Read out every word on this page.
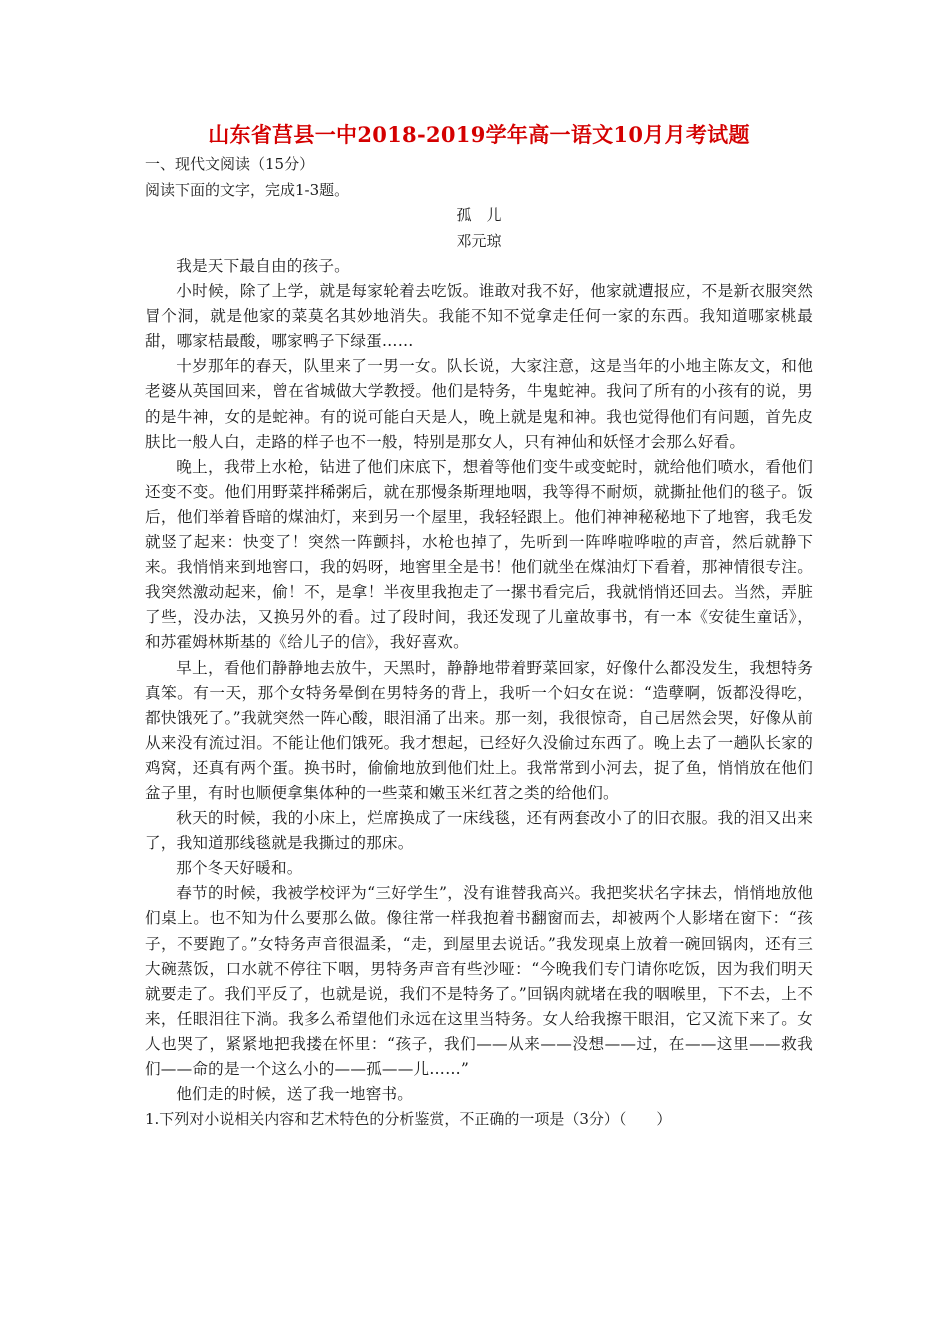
山东省莒县一中2018-2019学年高一语文10月月考试题

一、现代文阅读（15分）

阅读下面的文字，完成1-3题。

孤　儿

邓元琼

我是天下最自由的孩子。

小时候，除了上学，就是每家轮着去吃饭。谁敢对我不好，他家就遭报应，不是新衣服突然冒个洞，就是他家的菜莫名其妙地消失。我能不知不觉拿走任何一家的东西。我知道哪家桃最甜，哪家桔最酸，哪家鸭子下绿蛋……

十岁那年的春天，队里来了一男一女。队长说，大家注意，这是当年的小地主陈友文，和他老婆从英国回来，曾在省城做大学教授。他们是特务，牛鬼蛇神。我问了所有的小孩有的说，男的是牛神，女的是蛇神。有的说可能白天是人，晚上就是鬼和神。我也觉得他们有问题，首先皮肤比一般人白，走路的样子也不一般，特别是那女人，只有神仙和妖怪才会那么好看。

晚上，我带上水枪，钻进了他们床底下，想着等他们变牛或变蛇时，就给他们喷水，看他们还变不变。他们用野菜拌稀粥后，就在那慢条斯理地咽，我等得不耐烦，就撕扯他们的毯子。饭后，他们举着昏暗的煤油灯，来到另一个屋里，我轻轻跟上。他们神神秘秘地下了地窖，我毛发就竖了起来：快变了！突然一阵颤抖，水枪也掉了，先听到一阵哗啦哗啦的声音，然后就静下来。我悄悄来到地窖口，我的妈呀，地窖里全是书！他们就坐在煤油灯下看着，那神情很专注。我突然激动起来，偷！不，是拿！半夜里我抱走了一摞书看完后，我就悄悄还回去。当然，弄脏了些，没办法，又换另外的看。过了段时间，我还发现了儿童故事书，有一本《安徒生童话》，和苏霍姆林斯基的《给儿子的信》，我好喜欢。

早上，看他们静静地去放牛，天黑时，静静地带着野菜回家，好像什么都没发生，我想特务真笨。有一天，那个女特务晕倒在男特务的背上，我听一个妇女在说：“造孽啊，饭都没得吃，都快饿死了。”我就突然一阵心酸，眼泪涌了出来。那一刻，我很惊奇，自己居然会哭，好像从前从来没有流过泪。不能让他们饿死。我才想起，已经好久没偷过东西了。晚上去了一趟队长家的鸡窝，还真有两个蛋。换书时，偷偷地放到他们灶上。我常常到小河去，捉了鱼，悄悄放在他们盆子里，有时也顺便拿集体种的一些菜和嫩玉米红苕之类的给他们。

秋天的时候，我的小床上，烂席换成了一床线毯，还有两套改小了的旧衣服。我的泪又出来了，我知道那线毯就是我撕过的那床。

那个冬天好暖和。

春节的时候，我被学校评为“三好学生”，没有谁替我高兴。我把奖状名字抹去，悄悄地放他们桌上。也不知为什么要那么做。像往常一样我抱着书翻窗而去，却被两个人影堵在窗下：“孩子，不要跑了。”女特务声音很温柔，“走，到屋里去说话。”我发现桌上放着一碗回锅肉，还有三大碗蒸饭，口水就不停往下咽，男特务声音有些沙哑：“今晚我们专门请你吃饭，因为我们明天就要走了。我们平反了，也就是说，我们不是特务了。”回锅肉就堵在我的咽喉里，下不去，上不来，任眼泪往下淌。我多么希望他们永远在这里当特务。女人给我擦干眼泪，它又流下来了。女人也哭了，紧紧地把我搂在怀里：“孩子，我们——从来——没想——过，在——这里——救我们——命的是一个这么小的——孤——儿……”

他们走的时候，送了我一地窖书。

1.下列对小说相关内容和艺术特色的分析鉴赏，不正确的一项是（3分）（　　）
